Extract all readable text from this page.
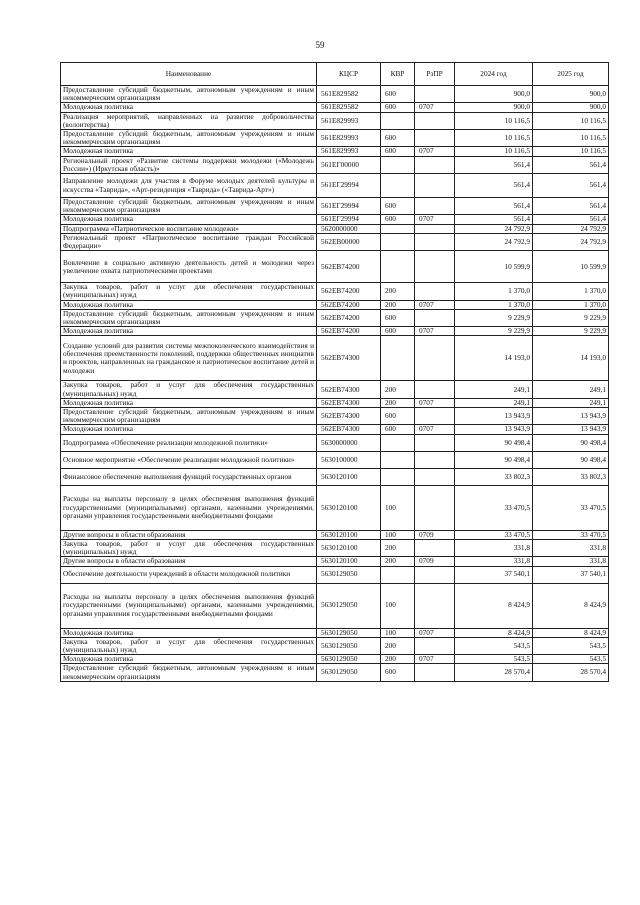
59
Наименование	КЦСР	КВР	РзПР	2024 год	2025 год
Предоставление субсидий бюджетным, автономным учреждениям и иным некоммерческим организациям	561E829582	600		900,0	900,0
Молодежная политика	561E829582	600	0707	900,0	900,0
Реализация мероприятий, направленных на развитие добровольчества (волонтерства)	561E829993			10 116,5	10 116,5
Предоставление субсидий бюджетным, автономным учреждениям и иным некоммерческим организациям	561E829993	600		10 116,5	10 116,5
Молодежная политика	561E829993	600	0707	10 116,5	10 116,5
Региональный проект «Развитие системы поддержки молодежи («Молодежь России») (Иркутская область)»	561EГ00000			561,4	561,4
Направление молодежи для участия в Форуме молодых деятелей культуры и искусства «Таврида», «Арт-резиденция «Таврида» («Таврида-Арт»)	561EГ29994			561,4	561,4
Предоставление субсидий бюджетным, автономным учреждениям и иным некоммерческим организациям	561EГ29994	600		561,4	561,4
Молодежная политика	561EГ29994	600	0707	561,4	561,4
Подпрограмма «Патриотическое воспитание молодежи»	5620000000			24 792,9	24 792,9
Региональный проект «Патриотическое воспитание граждан Российской Федерации»	562EB00000			24 792,9	24 792,9
Вовлечение в социально активную деятельность детей и молодежи через увеличение охвата патриотическими проектами	562EB74200			10 599,9	10 599,9
Закупка товаров, работ и услуг для обеспечения государственных (муниципальных) нужд	562EB74200	200		1 370,0	1 370,0
Молодежная политика	562EB74200	200	0707	1 370,0	1 370,0
Предоставление субсидий бюджетным, автономным учреждениям и иным некоммерческим организациям	562EB74200	600		9 229,9	9 229,9
Молодежная политика	562EB74200	600	0707	9 229,9	9 229,9
Создание условий для развития системы межпоколенческого взаимодействия и обеспечения преемственности поколений, поддержки общественных инициатив и проектов, направленных на гражданское и патриотическое воспитание детей и молодежи	562EB74300			14 193,0	14 193,0
Закупка товаров, работ и услуг для обеспечения государственных (муниципальных) нужд	562EB74300	200		249,1	249,1
Молодежная политика	562EB74300	200	0707	249,1	249,1
Предоставление субсидий бюджетным, автономным учреждениям и иным некоммерческим организациям	562EB74300	600		13 943,9	13 943,9
Молодежная политика	562EB74300	600	0707	13 943,9	13 943,9
Подпрограмма «Обеспечение реализации молодежной политики»	5630000000			90 498,4	90 498,4
Основное мероприятие «Обеспечение реализации молодежной политики»	5630100000			90 498,4	90 498,4
Финансовое обеспечение выполнения функций государственных органов	5630120100			33 802,3	33 802,3
Расходы на выплаты персоналу в целях обеспечения выполнения функций государственными (муниципальными) органами, казенными учреждениями, органами управления государственными внебюджетными фондами	5630120100	100		33 470,5	33 470,5
Другие вопросы в области образования	5630120100	100	0709	33 470,5	33 470,5
Закупка товаров, работ и услуг для обеспечения государственных (муниципальных) нужд	5630120100	200		331,8	331,8
Другие вопросы в области образования	5630120100	200	0709	331,8	331,8
Обеспечение деятельности учреждений в области молодежной политики	5630129050			37 540,1	37 540,1
Расходы на выплаты персоналу в целях обеспечения выполнения функций государственными (муниципальными) органами, казенными учреждениями, органами управления государственными внебюджетными фондами	5630129050	100		8 424,9	8 424,9
Молодежная политика	5630129050	100	0707	8 424,9	8 424,9
Закупка товаров, работ и услуг для обеспечения государственных (муниципальных) нужд	5630129050	200		543,5	543,5
Молодежная политика	5630129050	200	0707	543,5	543,5
Предоставление субсидий бюджетным, автономным учреждениям и иным некоммерческим организациям	5630129050	600		28 570,4	28 570,4
